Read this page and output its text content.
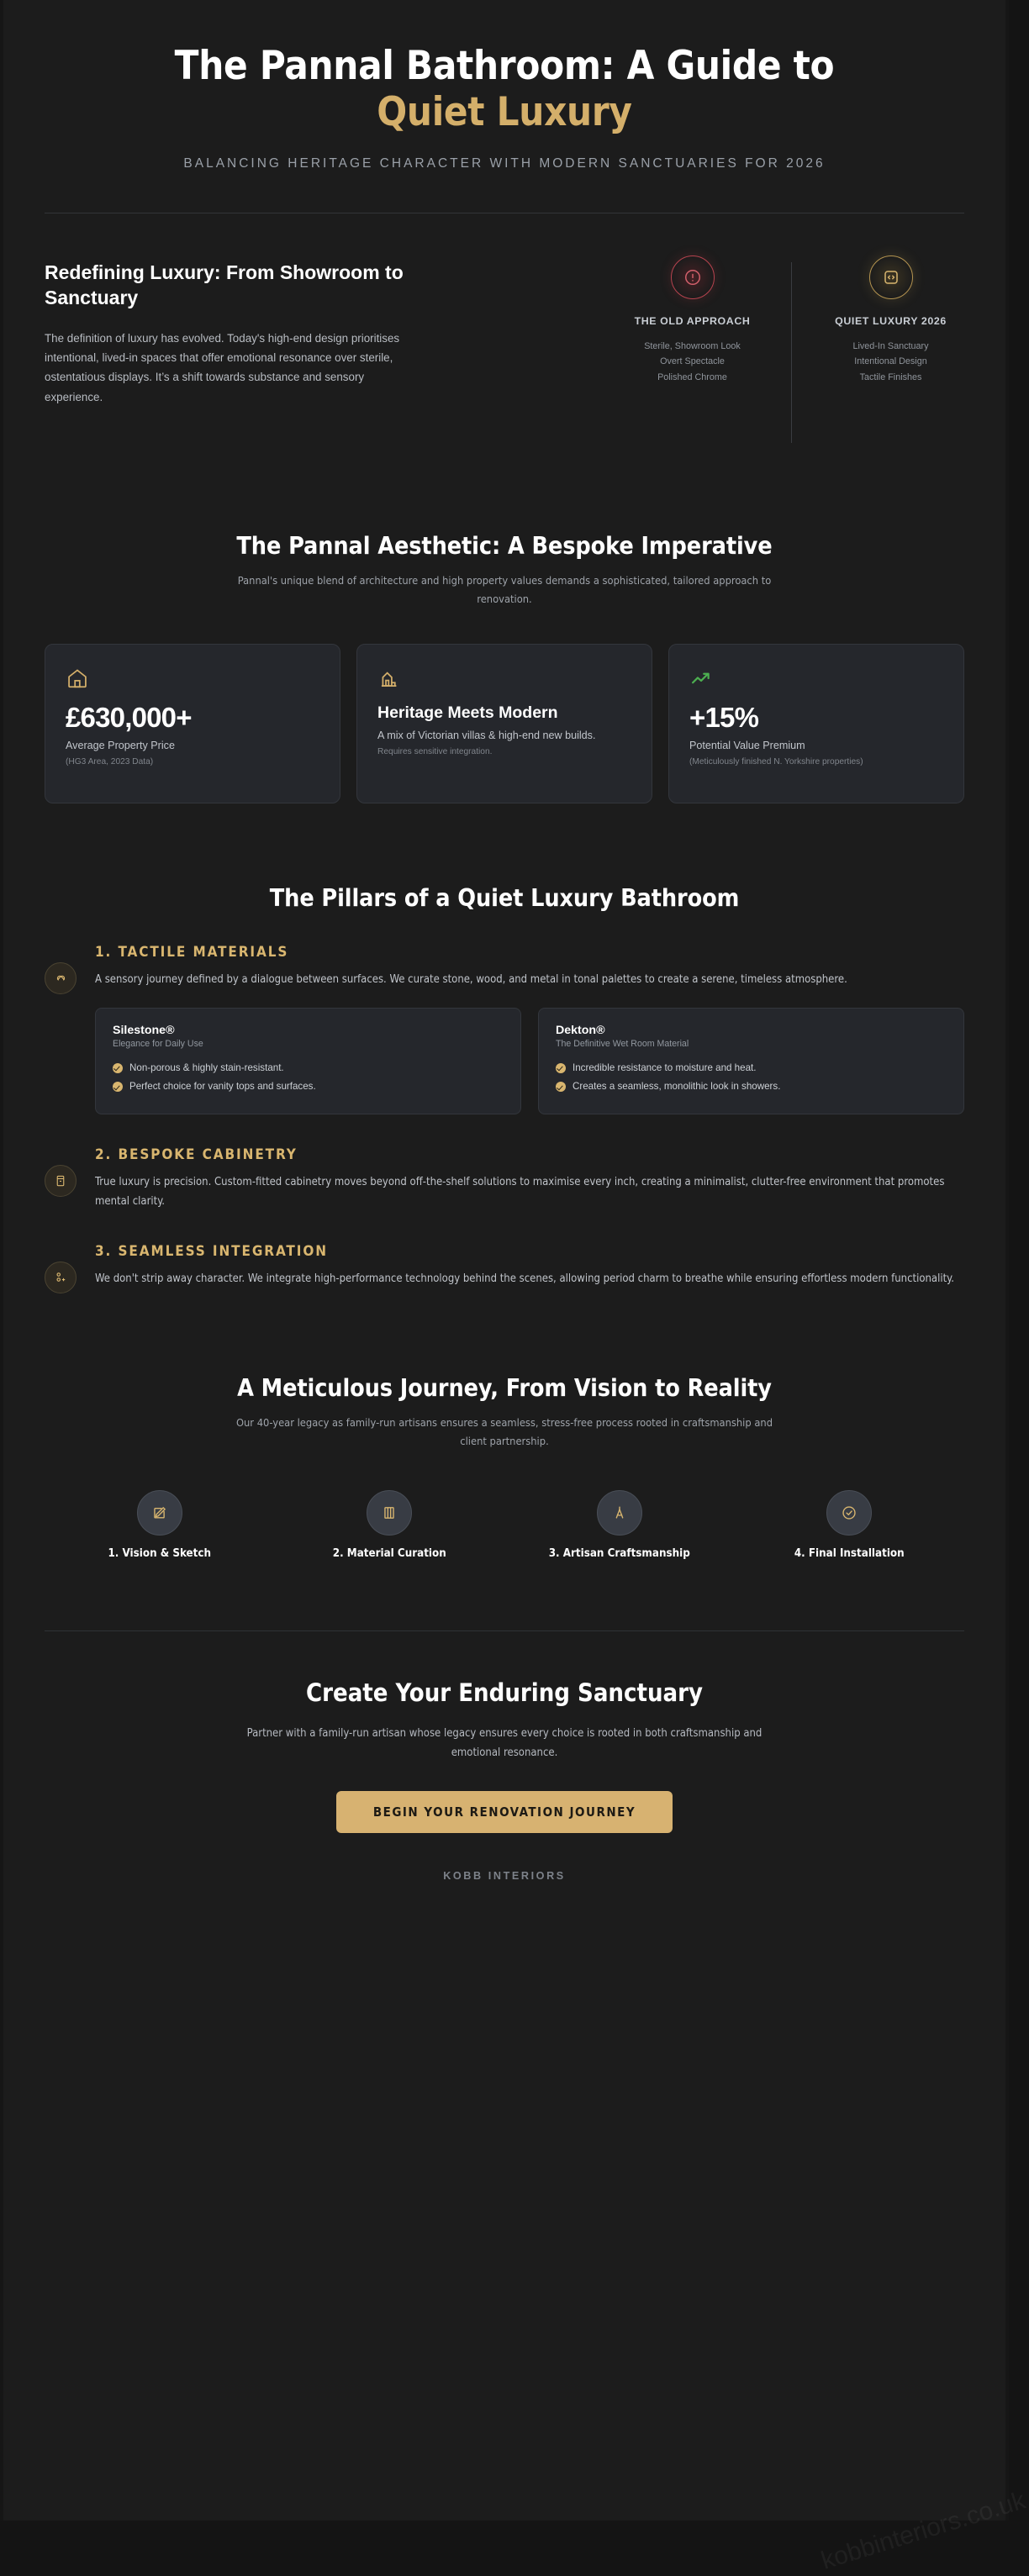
The Pannal Bathroom: A Guide to
Quiet Luxury
BALANCING HERITAGE CHARACTER WITH MODERN SANCTUARIES FOR 2026
Redefining Luxury: From Showroom to Sanctuary

The definition of luxury has evolved. Today's high-end design prioritises intentional, lived-in spaces that offer emotional resonance over sterile, ostentatious displays. It’s a shift towards substance and sensory experience.

THE OLD APPROACH
Sterile, Showroom Look
Overt Spectacle
Polished Chrome
QUIET LUXURY 2026
Lived-In Sanctuary
Intentional Design
Tactile Finishes
The Pannal Aesthetic: A Bespoke Imperative

Pannal's unique blend of architecture and high property values demands a sophisticated, tailored approach to renovation.

£630,000+
Average Property Price
(HG3 Area, 2023 Data)
Heritage Meets Modern
A mix of Victorian villas & high-end new builds.
Requires sensitive integration.
+15%
Potential Value Premium
(Meticulously finished N. Yorkshire properties)
The Pillars of a Quiet Luxury Bathroom
1. TACTILE MATERIALS

A sensory journey defined by a dialogue between surfaces. We curate stone, wood, and metal in tonal palettes to create a serene, timeless atmosphere.

Silestone®
Elegance for Daily Use
Non-porous & highly stain-resistant.
Perfect choice for vanity tops and surfaces.
Dekton®
The Definitive Wet Room Material
Incredible resistance to moisture and heat.
Creates a seamless, monolithic look in showers.
2. BESPOKE CABINETRY

True luxury is precision. Custom-fitted cabinetry moves beyond off-the-shelf solutions to maximise every inch, creating a minimalist, clutter-free environment that promotes mental clarity.

3. SEAMLESS INTEGRATION

We don't strip away character. We integrate high-performance technology behind the scenes, allowing period charm to breathe while ensuring effortless modern functionality.

A Meticulous Journey, From Vision to Reality

Our 40-year legacy as family-run artisans ensures a seamless, stress-free process rooted in craftsmanship and client partnership.

1. Vision & Sketch	2. Material Curation	3. Artisan Craftsmanship	4. Final Installation
Create Your Enduring Sanctuary

Partner with a family-run artisan whose legacy ensures every choice is rooted in both craftsmanship and emotional resonance.

BEGIN YOUR RENOVATION JOURNEY
KOBB INTERIORS
kobbinteriors.co.uk
